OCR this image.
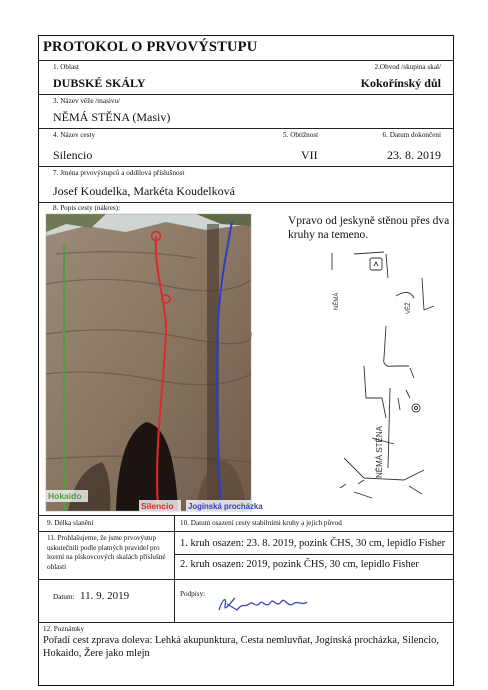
PROTOKOL O PRVOVÝSTUPU
1. Oblast
DUBSKÉ SKÁLY
2.Obvod /skupina skal/
Kokořínský důl
3. Název věže /masivu/
NĚMÁ STĚNA (Masiv)
4. Název cesty
Silencio
5. Obtížnost
VII
6. Datum dokončení
23. 8. 2019
7. Jména prvovýstupců a oddílová příslušnost
Josef Koudelka, Markéta Koudelková
8. Popis cesty (nákres):
Hokaido
Silencio Jogínská procházka
Vpravo od jeskyně stěnou přes dva kruhy na temeno.
NĚMÁ	VĚŽ
NĚMÁ STĚNA
9. Délka slanění	10. Datum osazení cesty stabilními kruhy a jejich původ
11. Prohlašujeme, že jsme prvovýstup uskutečnili podle platných pravidel pro lezení na pískovcových skalách příslušné oblasti
1. kruh osazen: 23. 8. 2019, pozink ČHS, 30 cm, lepidlo Fisher
2. kruh osazen: 2019, pozink ČHS, 30 cm, lepidlo Fisher
Datum: 11. 9. 2019	Podpisy:
12. Poznámky
Pořadí cest zprava doleva: Lehká akupunktura, Cesta nemluvňat, Jogínská procházka, Silencio, Hokaido, Žere jako mlejn
